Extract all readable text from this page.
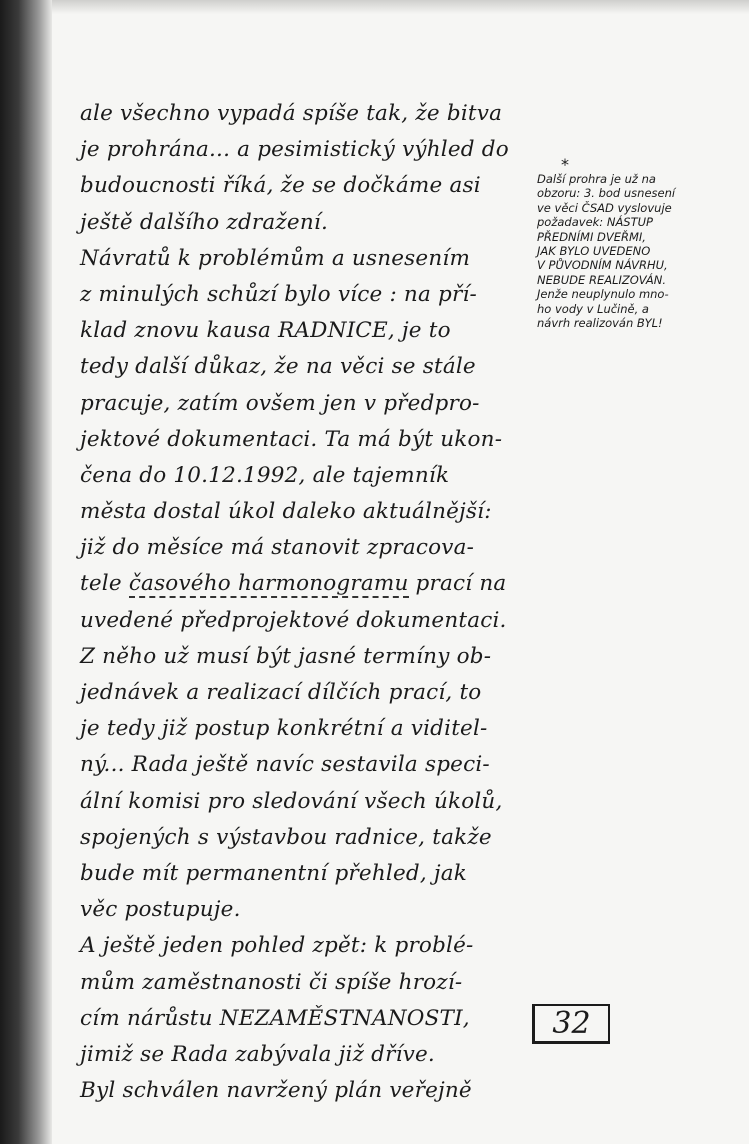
ale všechno vypadá spíše tak, že bitva
je prohrána... a pesimistický výhled do
budoucnosti říká, že se dočkáme asi
ještě dalšího zdražení.
Návratů k problémům a usnesením
z minulých schůzí bylo více : na pří-
klad znovu kausa RADNICE, je to
tedy další důkaz, že na věci se stále
pracuje, zatím ovšem jen v předpro-
jektové dokumentaci. Ta má být ukon-
čena do 10.12.1992, ale tajemník
města dostal úkol daleko aktuálnější:
již do měsíce má stanovit zpracova-
tele časového harmonogramu prací na
uvedené předprojektové dokumentaci.
Z něho už musí být jasné termíny ob-
jednávek a realizací dílčích prací, to
je tedy již postup konkrétní a viditel-
ný... Rada ještě navíc sestavila speci-
ální komisi pro sledování všech úkolů,
spojených s výstavbou radnice, takže
bude mít permanentní přehled, jak
věc postupuje.
A ještě jeden pohled zpět: k problé-
mům zaměstnanosti či spíše hrozí-
cím nárůstu NEZAMĚSTNANOSTI,
jimiž se Rada zabývala již dříve.
Byl schválen navržený plán veřejně
*
Další prohra je už na
obzoru: 3. bod usnesení
ve věci ČSAD vyslovuje
požadavek: NÁSTUP
PŘEDNÍMI DVEŘMI,
JAK BYLO UVEDENO
V PŮVODNÍM NÁVRHU,
NEBUDE REALIZOVÁN.
Jenže neuplynulo mno-
ho vody v Lučině, a
návrh realizován BYL!
32
